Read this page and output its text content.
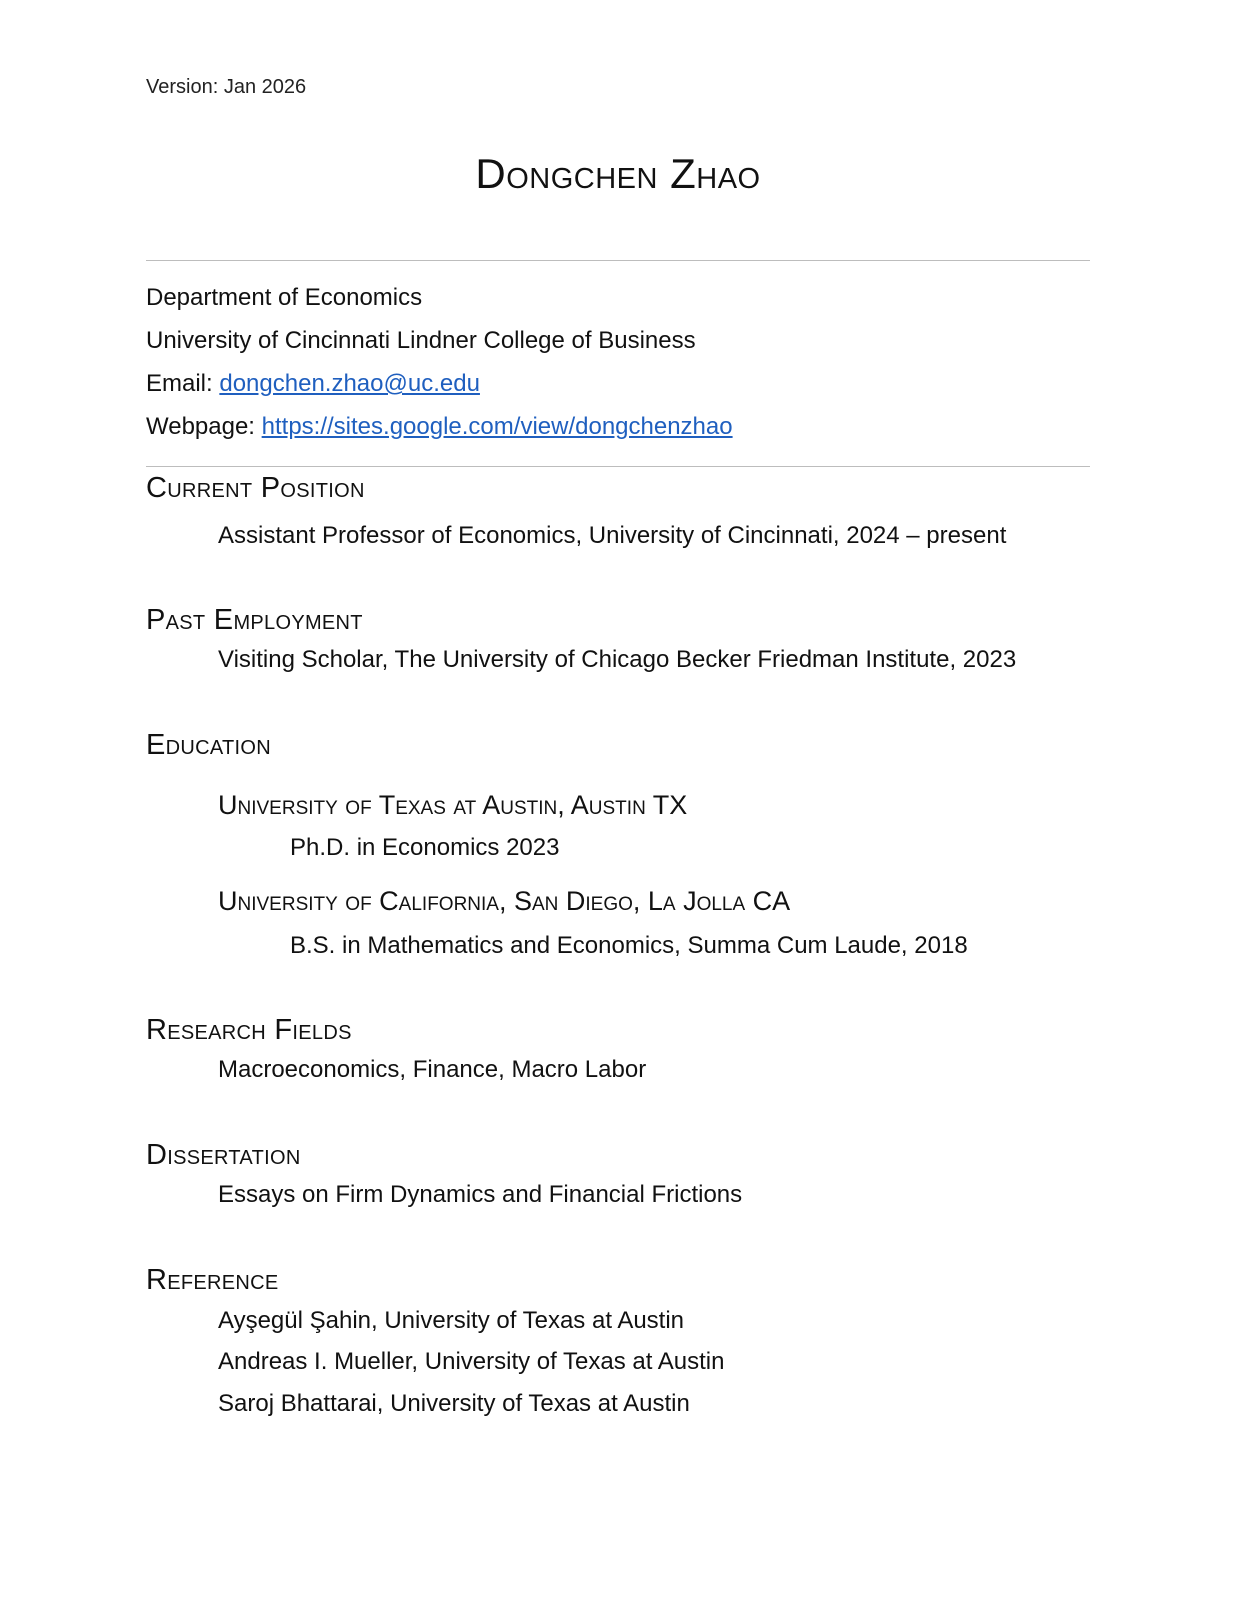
Version: Jan 2026
Dongchen Zhao
Department of Economics
University of Cincinnati Lindner College of Business
Email: dongchen.zhao@uc.edu
Webpage: https://sites.google.com/view/dongchenzhao
Current Position
Assistant Professor of Economics, University of Cincinnati, 2024 – present
Past Employment
Visiting Scholar, The University of Chicago Becker Friedman Institute, 2023
Education
University of Texas at Austin, Austin TX
Ph.D. in Economics 2023
University of California, San Diego, La Jolla CA
B.S. in Mathematics and Economics, Summa Cum Laude, 2018
Research Fields
Macroeconomics, Finance, Macro Labor
Dissertation
Essays on Firm Dynamics and Financial Frictions
Reference
Ayşegül Şahin, University of Texas at Austin
Andreas I. Mueller, University of Texas at Austin
Saroj Bhattarai, University of Texas at Austin
